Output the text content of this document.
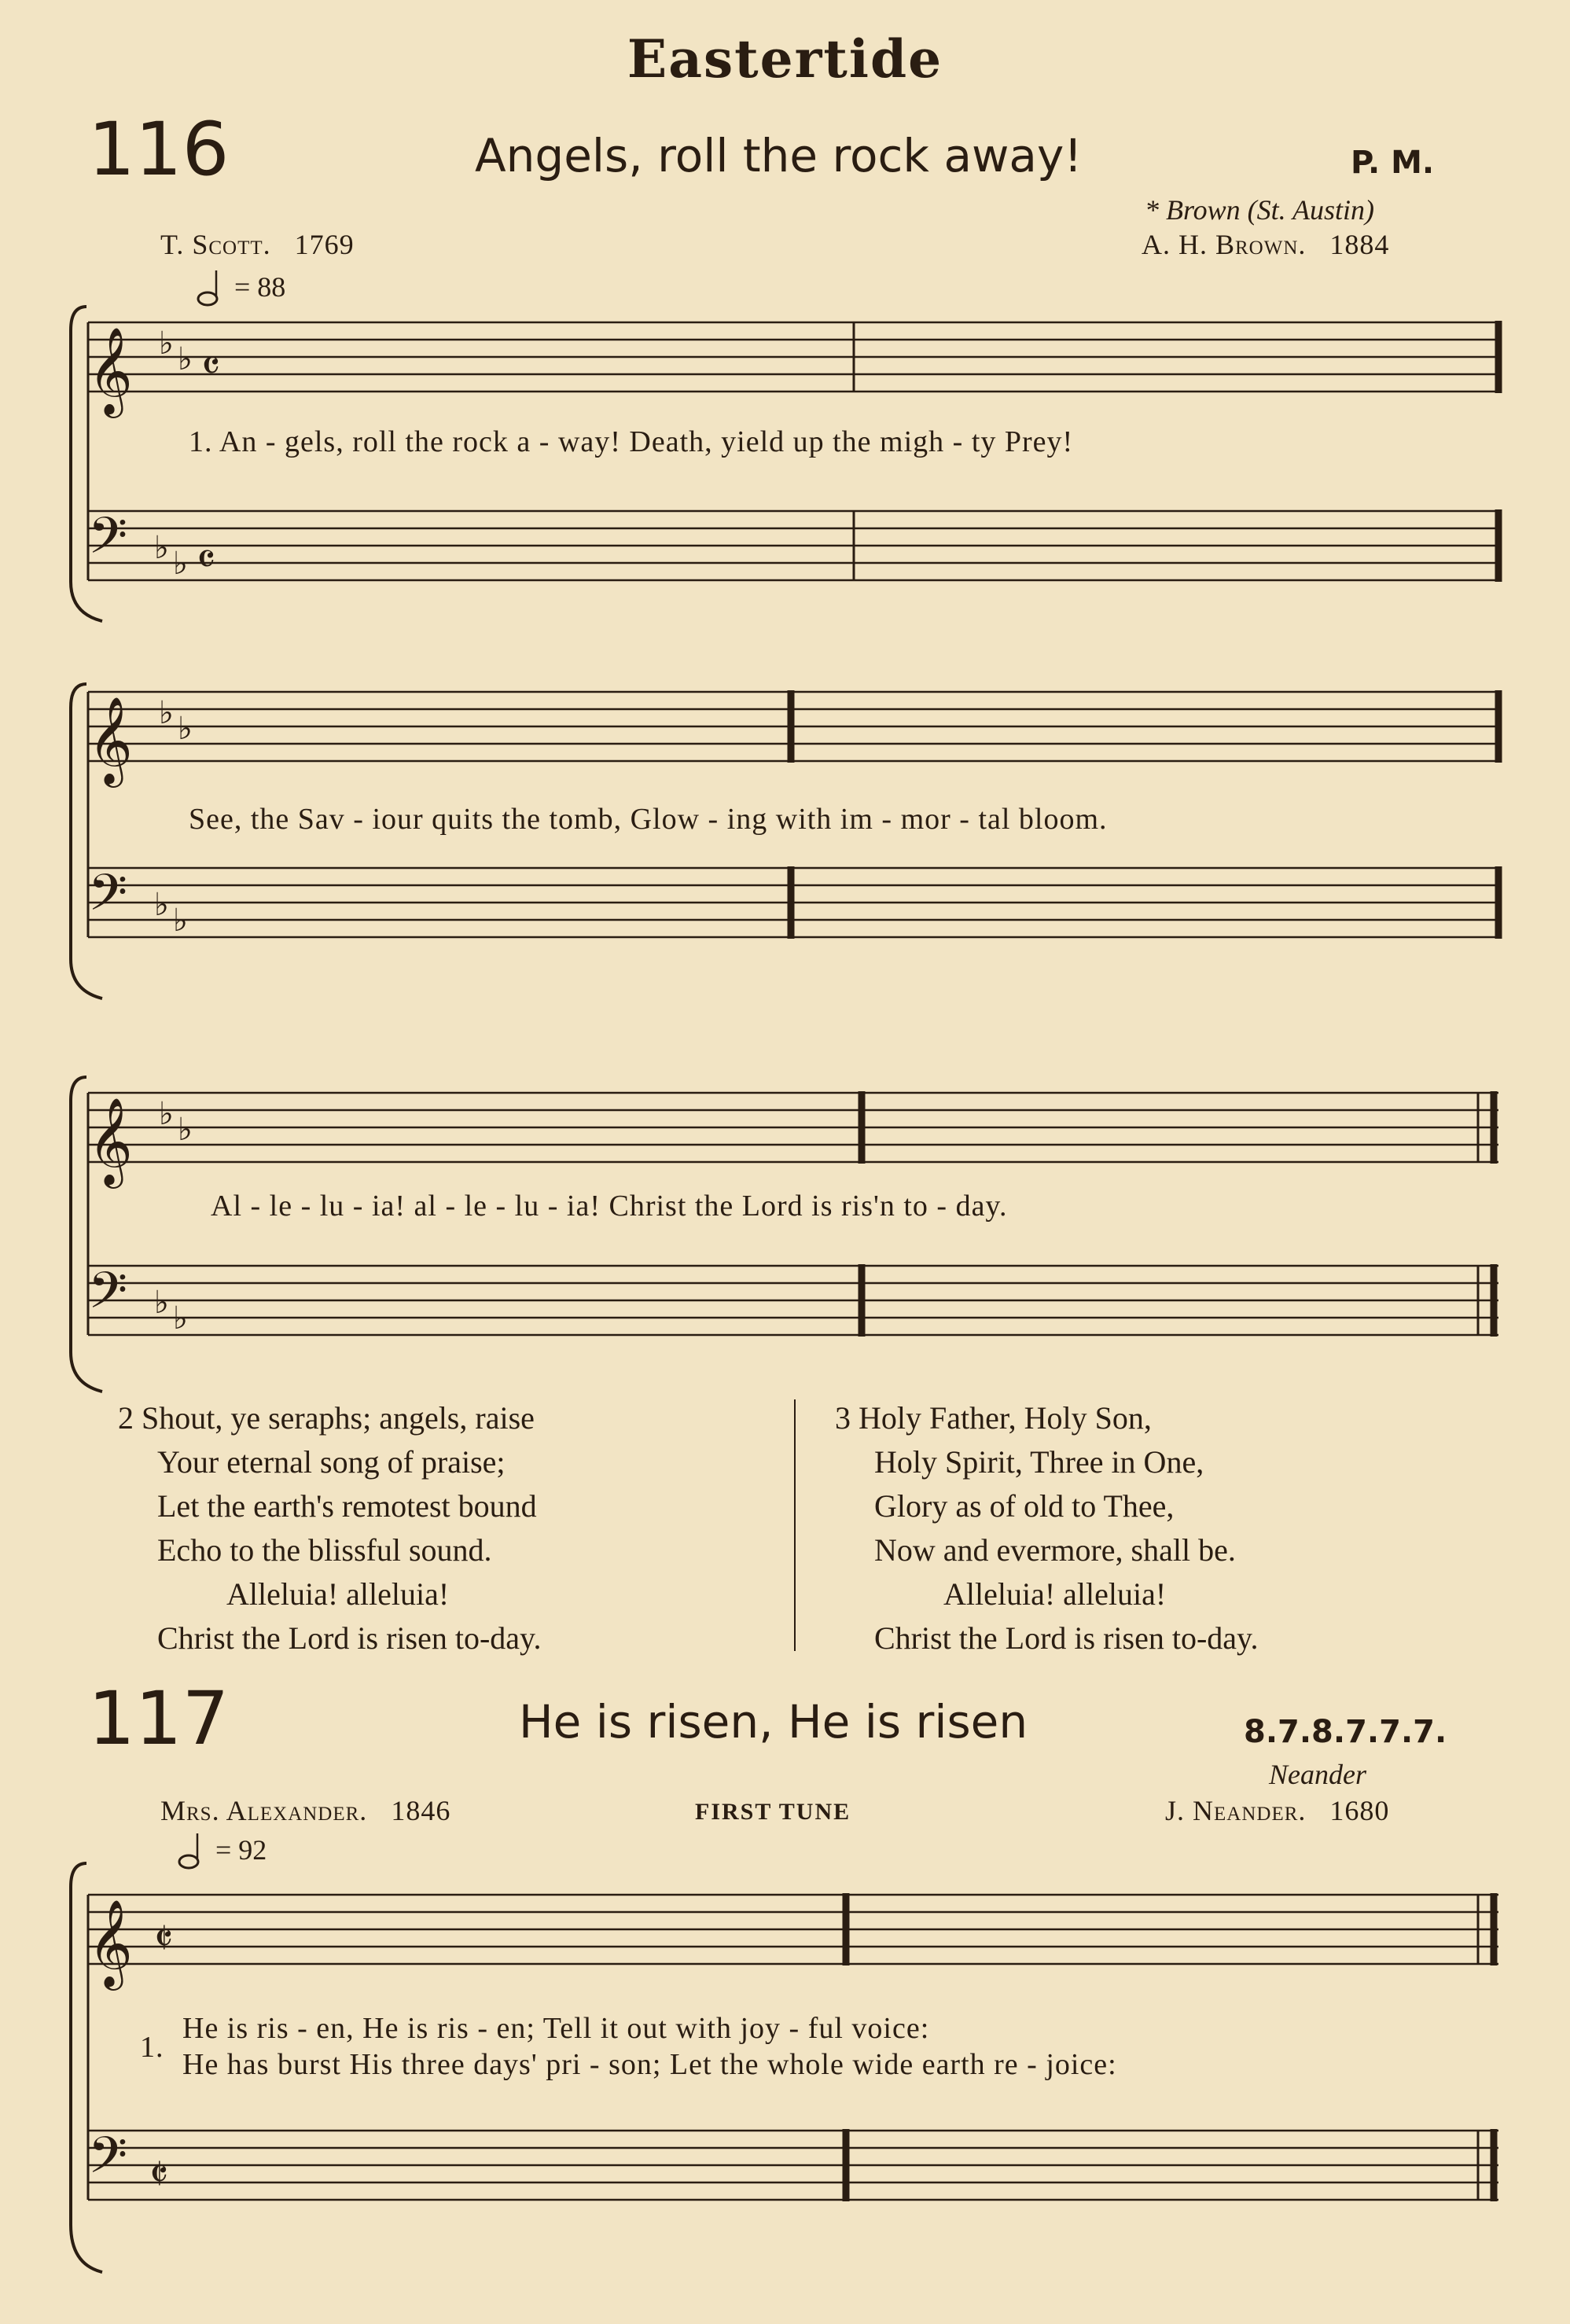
Eastertide
116	Angels, roll the rock away!	P. M.
* Brown (St. Austin)
T. Scott. 1769	A. H. Brown. 1884
= 88
𝄞 ♭ ♭ 𝄴
𝄢 ♭ ♭ 𝄴
1. An - gels, roll the rock a - way! Death, yield up the migh - ty Prey!
𝄞 ♭ ♭
𝄢 ♭ ♭
See, the Sav - iour quits the tomb, Glow - ing with im - mor - tal bloom.
𝄞 ♭ ♭
𝄢 ♭ ♭
Al - le - lu - ia! al - le - lu - ia! Christ the Lord is ris'n to - day.
2 Shout, ye seraphs; angels, raise
Your eternal song of praise;
Let the earth's remotest bound
Echo to the blissful sound.
Alleluia! alleluia!
Christ the Lord is risen to-day.
3 Holy Father, Holy Son,
Holy Spirit, Three in One,
Glory as of old to Thee,
Now and evermore, shall be.
Alleluia! alleluia!
Christ the Lord is risen to-day.
117	He is risen, He is risen	8.7.8.7.7.7.
Neander
Mrs. Alexander. 1846	FIRST TUNE	J. Neander. 1680
= 92
𝄞 𝄵
𝄢 𝄵
1.
He is ris - en, He is ris - en; Tell it out with joy - ful voice:
He has burst His three days' pri - son; Let the whole wide earth re - joice:
